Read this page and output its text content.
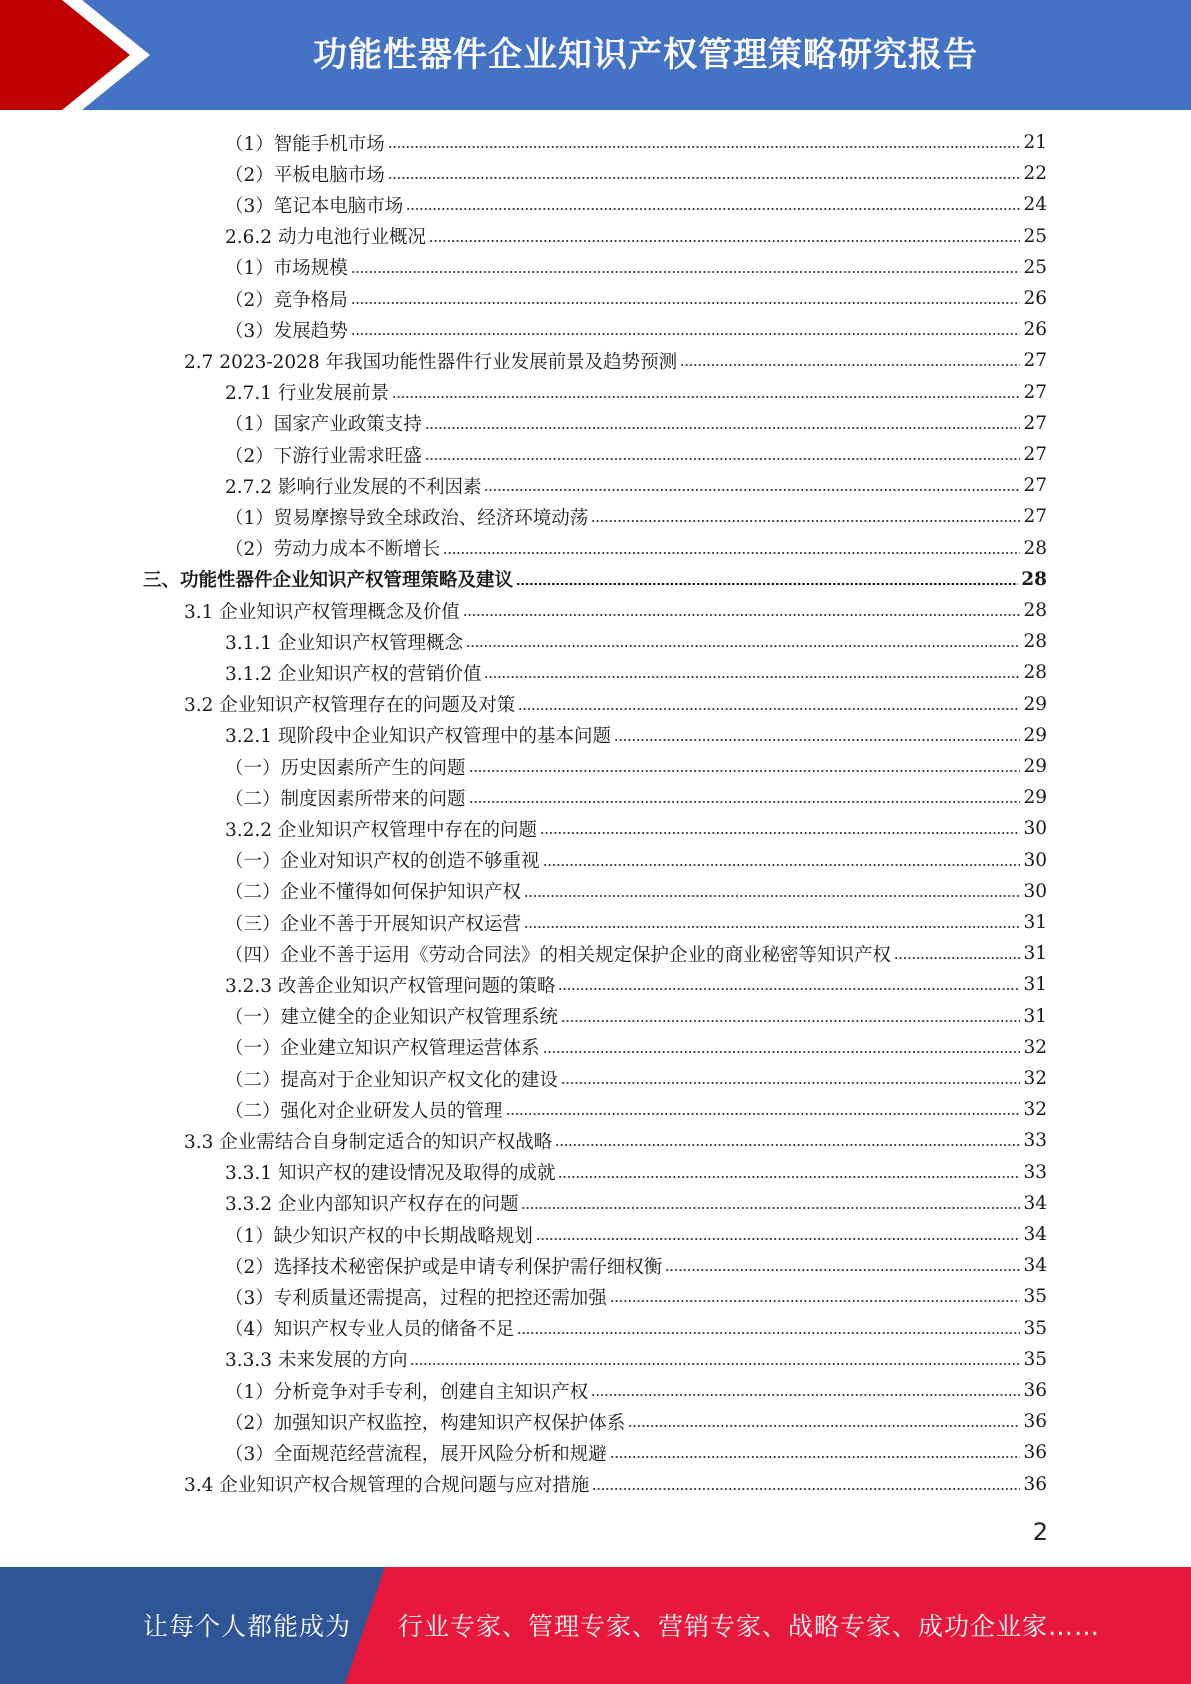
功能性器件企业知识产权管理策略研究报告
（1）智能手机市场	21
（2）平板电脑市场	22
（3）笔记本电脑市场	24
2.6.2 动力电池行业概况	25
（1）市场规模	25
（2）竞争格局	26
（3）发展趋势	26
2.7 2023-2028 年我国功能性器件行业发展前景及趋势预测	27
2.7.1 行业发展前景	27
（1）国家产业政策支持	27
（2）下游行业需求旺盛	27
2.7.2 影响行业发展的不利因素	27
（1）贸易摩擦导致全球政治、经济环境动荡	27
（2）劳动力成本不断增长	28
三、功能性器件企业知识产权管理策略及建议	28
3.1 企业知识产权管理概念及价值	28
3.1.1 企业知识产权管理概念	28
3.1.2 企业知识产权的营销价值	28
3.2 企业知识产权管理存在的问题及对策	29
3.2.1 现阶段中企业知识产权管理中的基本问题	29
（一）历史因素所产生的问题	29
（二）制度因素所带来的问题	29
3.2.2 企业知识产权管理中存在的问题	30
（一）企业对知识产权的创造不够重视	30
（二）企业不懂得如何保护知识产权	30
（三）企业不善于开展知识产权运营	31
（四）企业不善于运用《劳动合同法》的相关规定保护企业的商业秘密等知识产权	31
3.2.3 改善企业知识产权管理问题的策略	31
（一）建立健全的企业知识产权管理系统	31
（一）企业建立知识产权管理运营体系	32
（二）提高对于企业知识产权文化的建设	32
（二）强化对企业研发人员的管理	32
3.3 企业需结合自身制定适合的知识产权战略	33
3.3.1 知识产权的建设情况及取得的成就	33
3.3.2 企业内部知识产权存在的问题	34
（1）缺少知识产权的中长期战略规划	34
（2）选择技术秘密保护或是申请专利保护需仔细权衡	34
（3）专利质量还需提高，过程的把控还需加强	35
（4）知识产权专业人员的储备不足	35
3.3.3 未来发展的方向	35
（1）分析竞争对手专利，创建自主知识产权	36
（2）加强知识产权监控，构建知识产权保护体系	36
（3）全面规范经营流程，展开风险分析和规避	36
3.4 企业知识产权合规管理的合规问题与应对措施	36
2
让每个人都能成为 行业专家、管理专家、营销专家、战略专家、成功企业家……
